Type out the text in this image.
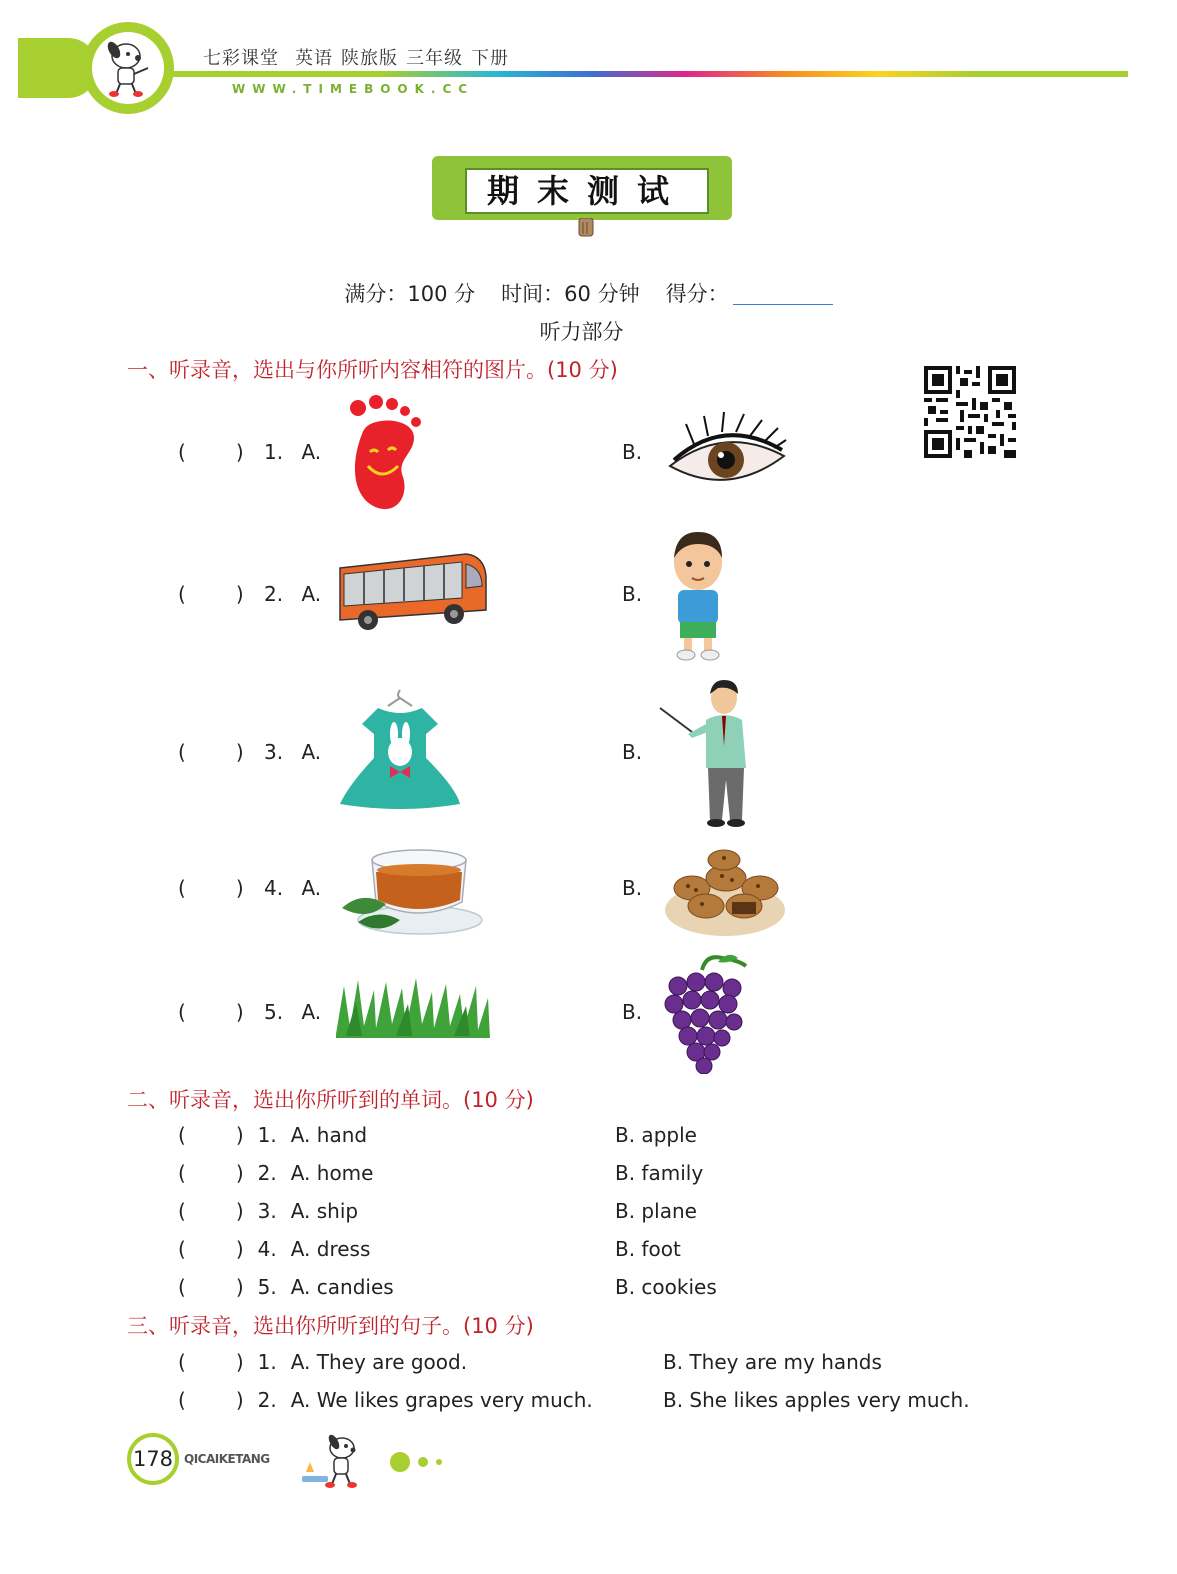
七彩课堂 英语 陕旅版 三年级 下册
WWW.TIMEBOOK.CC
期末测试
满分：100 分 时间：60 分钟 得分：
听力部分
一、听录音，选出与你所听内容相符的图片。(10 分)
(	) 1. A.	B.
(	) 2. A.	B.
(	) 3. A.	B.
(	) 4. A.	B.
(	) 5. A.	B.
二、听录音，选出你所听到的单词。(10 分)
(	) 1. A. hand	B. apple
(	) 2. A. home	B. family
(	) 3. A. ship	B. plane
(	) 4. A. dress	B. foot
(	) 5. A. candies	B. cookies
三、听录音，选出你所听到的句子。(10 分)
(	) 1. A. They are good.	B. They are my hands
(	) 2. A. We likes grapes very much.	B. She likes apples very much.
178 QICAIKETANG
